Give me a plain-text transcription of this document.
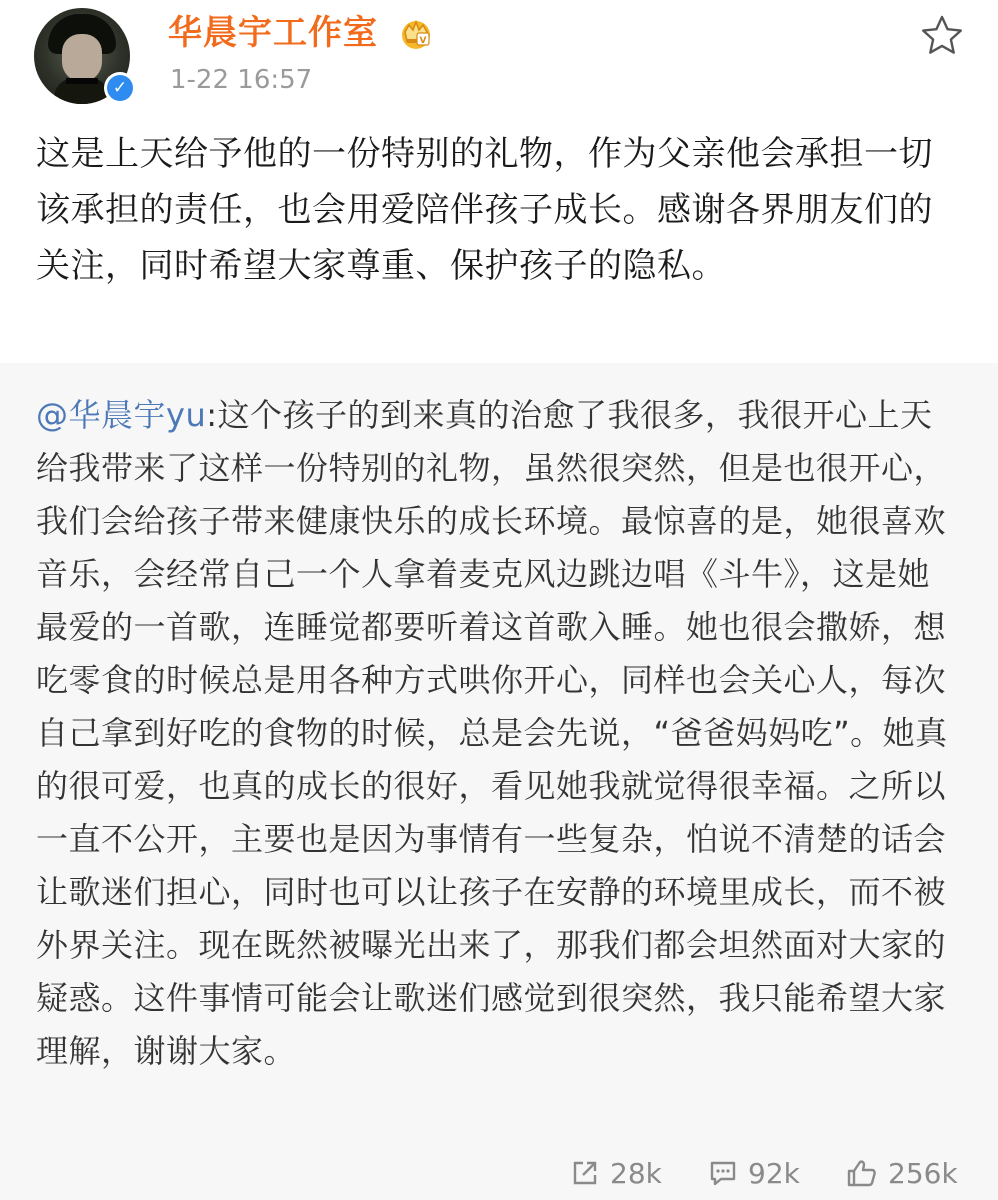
✓
华晨宇工作室	V
1-22 16:57
这是上天给予他的一份特别的礼物，作为父亲他会承担一切该承担的责任，也会用爱陪伴孩子成长。感谢各界朋友们的关注，同时希望大家尊重、保护孩子的隐私。
@华晨宇yu:这个孩子的到来真的治愈了我很多，我很开心上天给我带来了这样一份特别的礼物，虽然很突然，但是也很开心，我们会给孩子带来健康快乐的成长环境。最惊喜的是，她很喜欢音乐，会经常自己一个人拿着麦克风边跳边唱《斗牛》，这是她最爱的一首歌，连睡觉都要听着这首歌入睡。她也很会撒娇，想吃零食的时候总是用各种方式哄你开心，同样也会关心人，每次自己拿到好吃的食物的时候，总是会先说，“爸爸妈妈吃”。她真的很可爱，也真的成长的很好，看见她我就觉得很幸福。之所以一直不公开，主要也是因为事情有一些复杂，怕说不清楚的话会让歌迷们担心，同时也可以让孩子在安静的环境里成长，而不被外界关注。现在既然被曝光出来了，那我们都会坦然面对大家的疑惑。这件事情可能会让歌迷们感觉到很突然，我只能希望大家理解，谢谢大家。
28k	92k	256k
